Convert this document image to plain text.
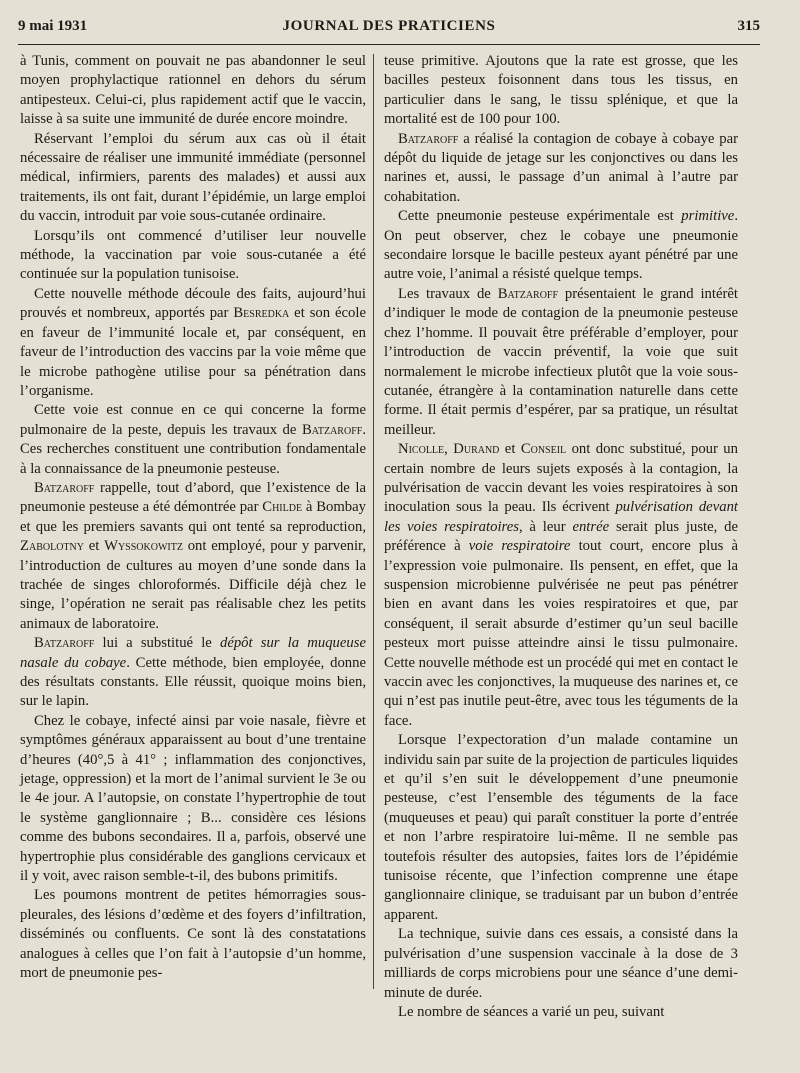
9 mai 1931	JOURNAL DES PRATICIENS	315

à Tunis, comment on pouvait ne pas abandonner le seul moyen prophylactique rationnel en dehors du sérum antipesteux. Celui-ci, plus rapidement actif que le vaccin, laisse à sa suite une immunité de durée encore moindre.

Réservant l’emploi du sérum aux cas où il était nécessaire de réaliser une immunité immédiate (personnel médical, infirmiers, parents des malades) et aussi aux traitements, ils ont fait, durant l’épidémie, un large emploi du vaccin, introduit par voie sous-cutanée ordinaire.

Lorsqu’ils ont commencé d’utiliser leur nouvelle méthode, la vaccination par voie sous-cutanée a été continuée sur la population tunisoise.

Cette nouvelle méthode découle des faits, aujourd’hui prouvés et nombreux, apportés par Besredka et son école en faveur de l’immunité locale et, par conséquent, en faveur de l’introduction des vaccins par la voie même que le microbe pathogène utilise pour sa pénétration dans l’organisme.

Cette voie est connue en ce qui concerne la forme pulmonaire de la peste, depuis les travaux de Batzaroff. Ces recherches constituent une contribution fondamentale à la connaissance de la pneumonie pesteuse.

Batzaroff rappelle, tout d’abord, que l’existence de la pneumonie pesteuse a été démontrée par Childe à Bombay et que les premiers savants qui ont tenté sa reproduction, Zabolotny et Wyssokowitz ont employé, pour y parvenir, l’introduction de cultures au moyen d’une sonde dans la trachée de singes chloroformés. Difficile déjà chez le singe, l’opération ne serait pas réalisable chez les petits animaux de laboratoire.

Batzaroff lui a substitué le dépôt sur la muqueuse nasale du cobaye. Cette méthode, bien employée, donne des résultats constants. Elle réussit, quoique moins bien, sur le lapin.

Chez le cobaye, infecté ainsi par voie nasale, fièvre et symptômes généraux apparaissent au bout d’une trentaine d’heures (40°,5 à 41° ; inflammation des conjonctives, jetage, oppression) et la mort de l’animal survient le 3e ou le 4e jour. A l’autopsie, on constate l’hypertrophie de tout le système ganglionnaire ; B... considère ces lésions comme des bubons secondaires. Il a, parfois, observé une hypertrophie plus considérable des ganglions cervicaux et il y voit, avec raison semble-t-il, des bubons primitifs.

Les poumons montrent de petites hémorragies sous-pleurales, des lésions d’œdème et des foyers d’infiltration, disséminés ou confluents. Ce sont là des constatations analogues à celles que l’on fait à l’autopsie d’un homme, mort de pneumonie pes-

teuse primitive. Ajoutons que la rate est grosse, que les bacilles pesteux foisonnent dans tous les tissus, en particulier dans le sang, le tissu splénique, et que la mortalité est de 100 pour 100.

Batzaroff a réalisé la contagion de cobaye à cobaye par dépôt du liquide de jetage sur les conjonctives ou dans les narines et, aussi, le passage d’un animal à l’autre par cohabitation.

Cette pneumonie pesteuse expérimentale est primitive. On peut observer, chez le cobaye une pneumonie secondaire lorsque le bacille pesteux ayant pénétré par une autre voie, l’animal a résisté quelque temps.

Les travaux de Batzaroff présentaient le grand intérêt d’indiquer le mode de contagion de la pneumonie pesteuse chez l’homme. Il pouvait être préférable d’employer, pour l’introduction de vaccin préventif, la voie que suit normalement le microbe infectieux plutôt que la voie sous-cutanée, étrangère à la contamination naturelle dans cette forme. Il était permis d’espérer, par sa pratique, un résultat meilleur.

Nicolle, Durand et Conseil ont donc substitué, pour un certain nombre de leurs sujets exposés à la contagion, la pulvérisation de vaccin devant les voies respiratoires à son inoculation sous la peau. Ils écrivent pulvérisation devant les voies respiratoires, à leur entrée serait plus juste, de préférence à voie respiratoire tout court, encore plus à l’expression voie pulmonaire. Ils pensent, en effet, que la suspension microbienne pulvérisée ne peut pas pénétrer bien en avant dans les voies respiratoires et que, par conséquent, il serait absurde d’estimer qu’un seul bacille pesteux mort puisse atteindre ainsi le tissu pulmonaire. Cette nouvelle méthode est un procédé qui met en contact le vaccin avec les conjonctives, la muqueuse des narines et, ce qui n’est pas inutile peut-être, avec tous les téguments de la face.

Lorsque l’expectoration d’un malade contamine un individu sain par suite de la projection de particules liquides et qu’il s’en suit le développement d’une pneumonie pesteuse, c’est l’ensemble des téguments de la face (muqueuses et peau) qui paraît constituer la porte d’entrée et non l’arbre respiratoire lui-même. Il ne semble pas toutefois résulter des autopsies, faites lors de l’épidémie tunisoise récente, que l’infection comprenne une étape ganglionnaire clinique, se traduisant par un bubon d’entrée apparent.

La technique, suivie dans ces essais, a consisté dans la pulvérisation d’une suspension vaccinale à la dose de 3 milliards de corps microbiens pour une séance d’une demi-minute de durée.

Le nombre de séances a varié un peu, suivant
